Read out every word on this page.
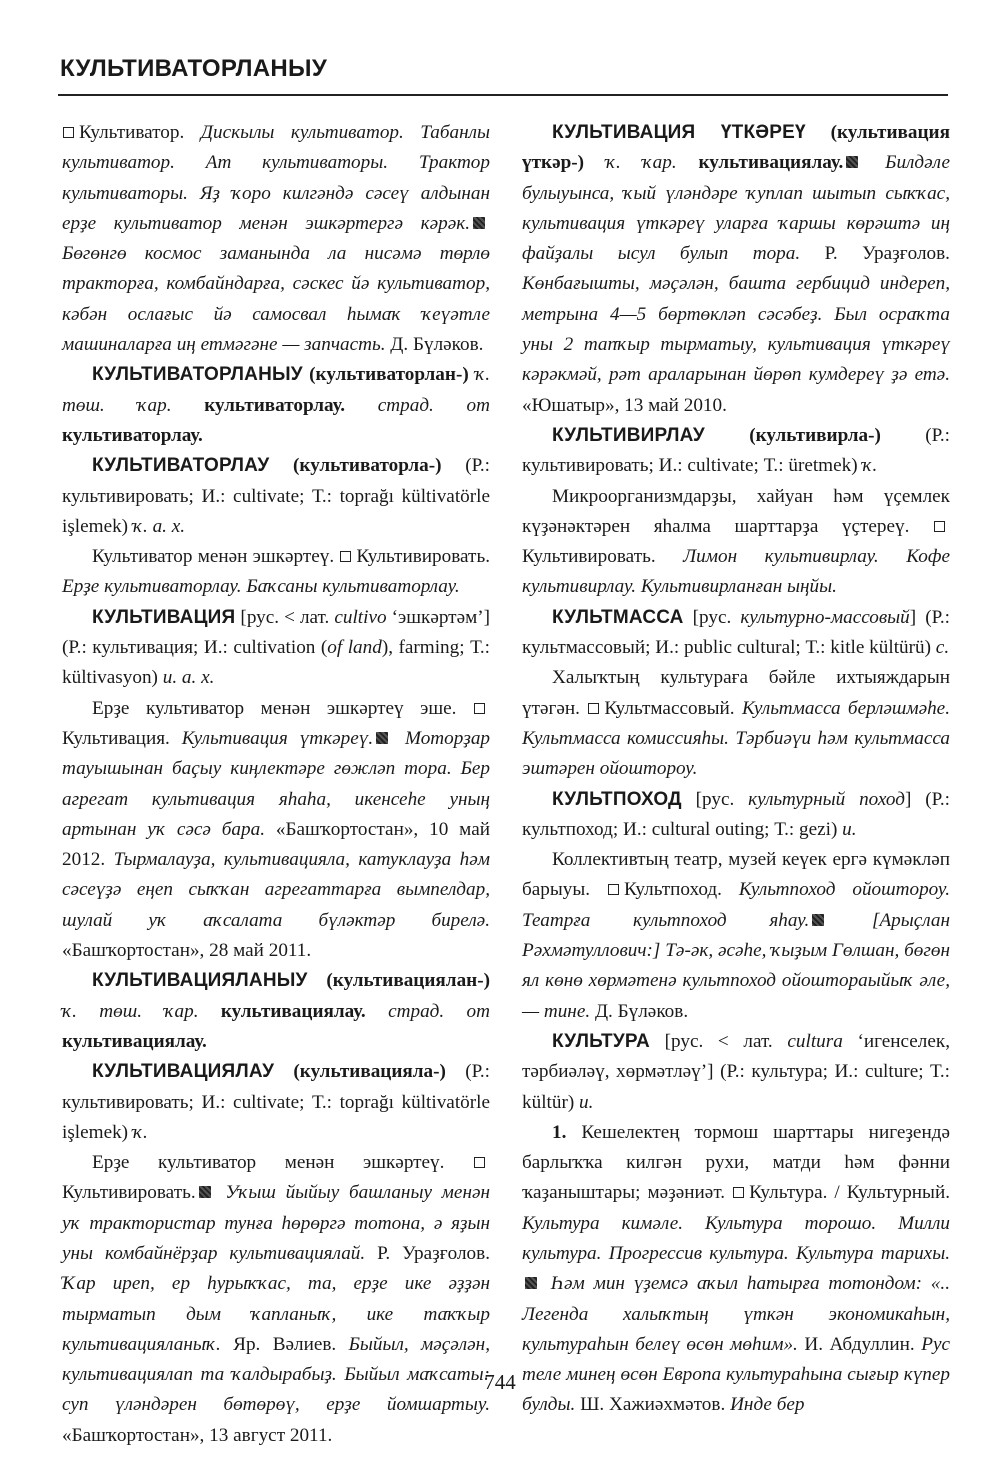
КУЛЬТИВАТОРЛАНЫУ

Культиватор. Дискылы культиватор. Табанлы культиватор. Ат культиваторы. Трактор культиваторы. Яҙ ҡоро килгәндә сәсеү алдынан ерҙе культиватор менән эшкәртергә кәрәк. Бөгөнгө космос заманында ла нисәмә төрлө тракторға, комбайндарға, сәскес йә культиватор, кәбән ослағыс йә самосвал һымаҡ ҡеүәтле машиналарға иң етмәгәне — запчасть. Д. Бүләков.

КУЛЬТИВАТОРЛАНЫУ (культиваторлан-) ҡ. төш. ҡар. культиваторлау. страд. от культиваторлау.

КУЛЬТИВАТОРЛАУ (культиваторла-) (Р.: культивировать; И.: cultivate; Т.: toprağı kültivatörle işlemek) ҡ. а. х.

Культиватор менән эшкәртеү. Культивировать. Ерҙе культиваторлау. Баҡсаны культиваторлау.

КУЛЬТИВАЦИЯ [рус. < лат. cultivo ‘эшкәртәм’] (Р.: культивация; И.: cultivation (of land), farming; Т.: kültivasyon) и. а. х.

Ерҙе культиватор менән эшкәртеү эше. Культивация. Культивация үткәреү. Моторҙар тауышынан баҫыу киңлектәре гөжләп тора. Бер агрегат культивация яһаһа, икенсеһе уның артынан уҡ сәсә бара. «Башҡортостан», 10 май 2012. Тырмалауҙа, культивацияла, катуклауҙа һәм сәсеүҙә еңеп сыҡҡан агрегаттарға вымпелдар, шулай уҡ аҡсалата бүләктәр бирелә. «Башҡортостан», 28 май 2011.

КУЛЬТИВАЦИЯЛАНЫУ (культивациялан-) ҡ. төш. ҡар. культивациялау. страд. от культивациялау.

КУЛЬТИВАЦИЯЛАУ (культивацияла-) (Р.: культивировать; И.: cultivate; Т.: toprağı kültivatörle işlemek) ҡ.

Ерҙе культиватор менән эшкәртеү. Культивировать. Уҡыш йыйыу башланыу менән уҡ трактористар тунға һөрөргә тотона, ә яҙын уны комбайнёрҙар культивациялай. Р. Ураҙғолов. Ҡар иреп, ер һурыҡҡас, та, ерҙе ике әҙҙән тырматып дым ҡапланыҡ, ике таҡҡыр культивацияланыҡ. Яр. Вәлиев. Быйыл, мәҫәлән, культивациялап та ҡалдырабыҙ. Быйыл маҡсаты: суп үләндәрен бөтөрөү, ерҙе йомшартыу. «Башҡортостан», 13 август 2011.

КУЛЬТИВАЦИЯ ҮТКӘРЕҮ (культивация үткәр-) ҡ. ҡар. культивациялау. Билдәле булыуынса, ҡый үләндәре ҡуплап шытып сыҡҡас, культивация үткәреү уларға ҡаршы көрәштә иң файҙалы ысул булып тора. Р. Ураҙғолов. Көнбағышты, мәҫәлән, башта гербицид индереп, метрына 4—5 бөртөкләп сәсәбеҙ. Был осраҡта уны 2 тапҡыр тырматыу, культивация үткәреү кәрәкмәй, рәт араларынан йөрөп кумдереү ҙә етә. «Юшатыр», 13 май 2010.

КУЛЬТИВИРЛАУ (культивирла-) (Р.: культивировать; И.: cultivate; Т.: üretmek) ҡ.

Микроорганизмдарҙы, хайуан һәм үҫемлек күҙәнәктәрен яһалма шарттарҙа үҫтереү. Культивировать. Лимон культивирлау. Кофе культивирлау. Культивирланған ыңйы.

КУЛЬТМАССА [рус. культурно-массовый] (Р.: культмассовый; И.: public cultural; Т.: kitle kültürü) с.

Халыҡтың культураға бәйле ихтыяждарын үтәгән. Культмассовый. Культмасса берләшмәһе. Культмасса комиссияһы. Тәрбиәүи һәм культмасса эштәрен ойоштороу.

КУЛЬТПОХОД [рус. культурный поход] (Р.: культпоход; И.: cultural outing; Т.: gezi) и.

Коллективтың театр, музей кеүек ергә күмәкләп барыуы. Культпоход. Культпоход ойоштороу. Театрға культпоход яһау. [Арыҫлан Рәхмәтуллович:] Тә-әк, әсәһе, ҡыҙым Гөлшан, бөгөн ял көнө хөрмәтенә культпоход ойоштораыйыҡ әле, — тине. Д. Бүләков.

КУЛЬТУРА [рус. < лат. cultura ‘игенселек, тәрбиәләү, хөрмәтләү’] (Р.: культура; И.: culture; Т.: kültür) и.

1. Кешелектең тормош шарттары нигеҙендә барлыҡҡа килгән рухи, матди һәм фәнни ҡаҙаныштары; мәҙәниәт. Культура. / Культурный. Культура кимәле. Культура торошо. Милли культура. Прогрессив культура. Культура тарихы. Һәм мин үҙемсә аҡыл һатырға тотондом: «.. Легенда халыҡтың үткән экономикаһын, культураһын белеү өсөн мөһим». И. Абдуллин. Рус теле минең өсөн Европа культураһына сығыр күпер булды. Ш. Хажиәхмәтов. Инде бер

744
